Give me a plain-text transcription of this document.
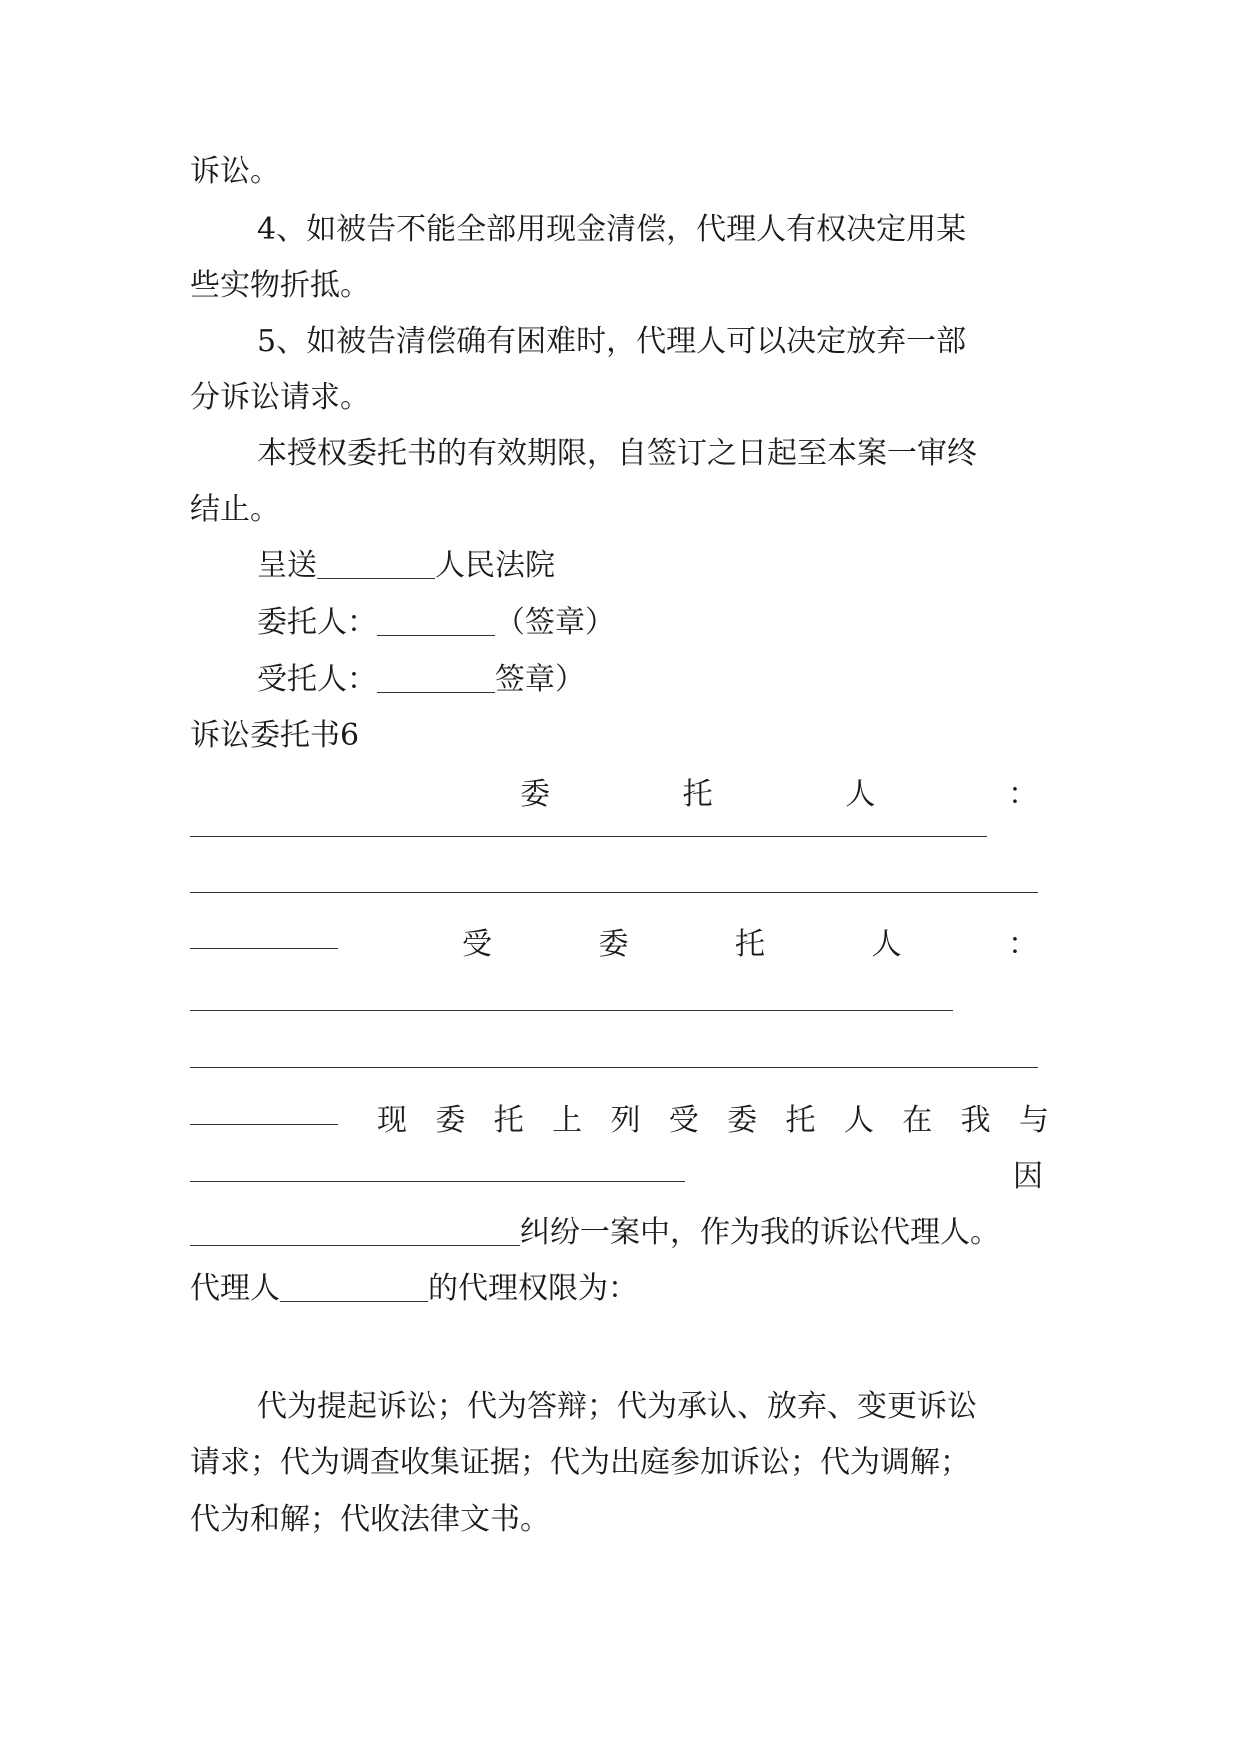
诉讼。
4、如被告不能全部用现金清偿，代理人有权决定用某
些实物折抵。
5、如被告清偿确有困难时，代理人可以决定放弃一部
分诉讼请求。
本授权委托书的有效期限，自签订之日起至本案一审终
结止。
呈送	人民法院
委托人：	（签章）
受托人：	签章）
诉讼委托书6
委	托	人	：
受	委	托	人	：
现 委 托 上 列 受 委 托 人 在 我 与
因
纠纷一案中，作为我的诉讼代理人。
代理人	的代理权限为：
代为提起诉讼；代为答辩；代为承认、放弃、变更诉讼
请求；代为调查收集证据；代为出庭参加诉讼；代为调解；
代为和解；代收法律文书。
